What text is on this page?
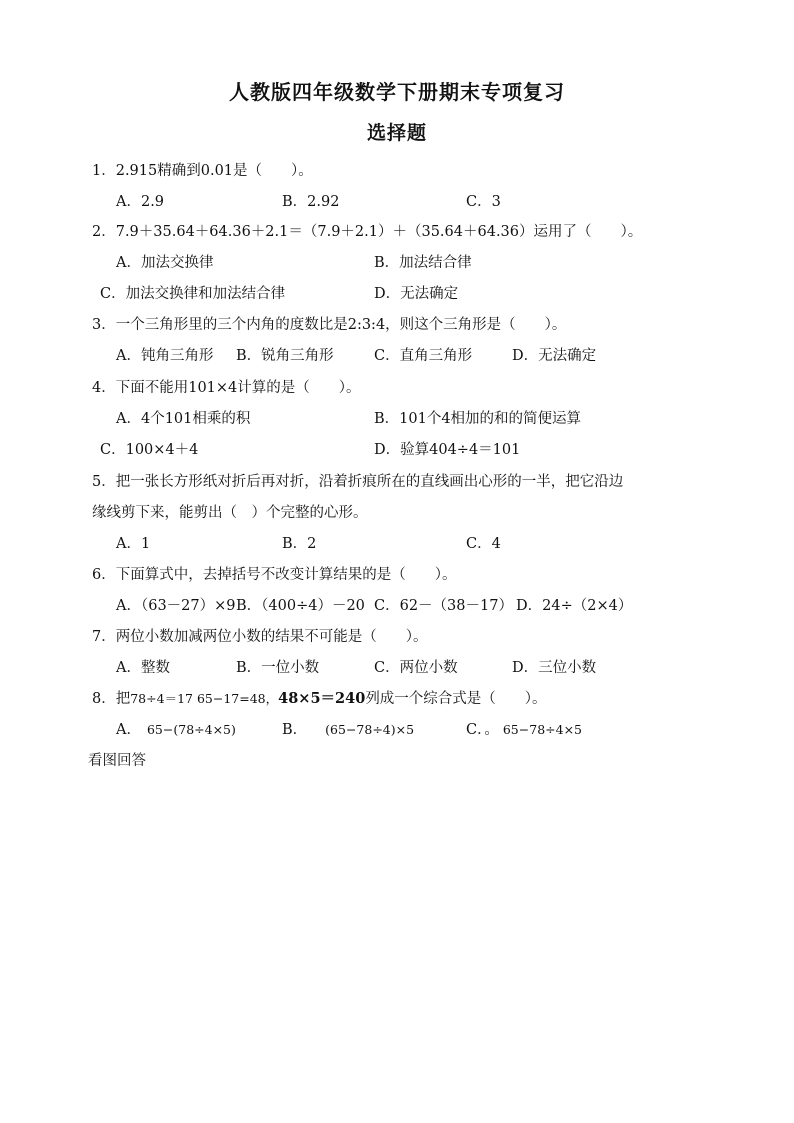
人教版四年级数学下册期末专项复习
选择题
1．2.915精确到0.01是（　　）。
A．2.9	B．2.92	C．3
2．7.9＋35.64＋64.36＋2.1＝（7.9＋2.1）＋（35.64＋64.36）运用了（　　）。
A．加法交换律	B．加法结合律
C．加法交换律和加法结合律	D．无法确定
3．一个三角形里的三个内角的度数比是2:3:4，则这个三角形是（　　）。
A．钝角三角形 B．锐角三角形	C．直角三角形	D．无法确定
4．下面不能用101×4计算的是（　　）。
A．4个101相乘的积	B．101个4相加的和的简便运算
C．100×4＋4	D．验算404÷4＝101
5．把一张长方形纸对折后再对折，沿着折痕所在的直线画出心形的一半，把它沿边
缘线剪下来，能剪出（　）个完整的心形。
A．1	B．2	C．4
6．下面算式中，去掉括号不改变计算结果的是（　　）。
A．（63－27）×9 B．（400÷4）－20 C．62－（38－17） D．24÷（2×4）
7．两位小数加减两位小数的结果不可能是（　　）。
A．整数	B．一位小数	C．两位小数	D．三位小数
8．把78÷4＝17 65−17=48，48×5＝240列成一个综合式是（　　）。
A． 65−(78÷4×5)	B． (65−78÷4)×5	C．。 65−78÷4×5
看图回答
